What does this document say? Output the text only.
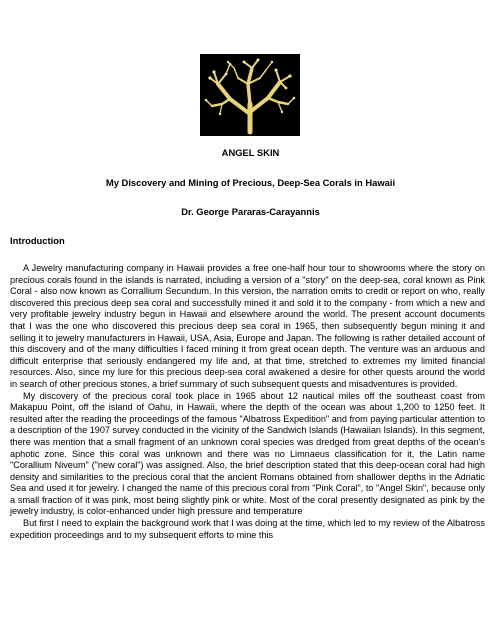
ANGEL SKIN
My Discovery and Mining of Precious, Deep-Sea Corals in Hawaii
Dr. George Pararas-Carayannis
Introduction

A Jewelry manufacturing company in Hawaii provides a free one-half hour tour to showrooms where the story on precious corals found in the islands is narrated, including a version of a "story" on the deep-sea, coral known as Pink Coral - also now known as Corrallium Secundum. In this version, the narration omits to credit or report on who, really discovered this precious deep sea coral and successfully mined it and sold it to the company - from which a new and very profitable jewelry industry begun in Hawaii and elsewhere around the world. The present account documents that I was the one who discovered this precious deep sea coral in 1965, then subsequently begun mining it and selling it to jewelry manufacturers in Hawaii, USA, Asia, Europe and Japan. The following is rather detailed account of this discovery and of the many difficulties I faced mining it from great ocean depth. The venture was an arduous and difficult enterprise that seriously endangered my life and, at that time, stretched to extremes my limited financial resources. Also, since my lure for this precious deep-sea coral awakened a desire for other quests around the world in search of other precious stones, a brief summary of such subsequent quests and misadventures is provided.

My discovery of the precious coral took place in 1965 about 12 nautical miles off the southeast coast from Makapuu Point, off the island of Oahu, in Hawaii, where the depth of the ocean was about 1,200 to 1250 feet. It resulted after the reading the proceedings of the famous "Albatross Expedition" and from paying particular attention to a description of the 1907 survey conducted in the vicinity of the Sandwich Islands (Hawaiian Islands). In this segment, there was mention that a small fragment of an unknown coral species was dredged from great depths of the ocean's aphotic zone. Since this coral was unknown and there was no Limnaeus classification for it, the Latin name "Corallium Niveum" ("new coral") was assigned. Also, the brief description stated that this deep-ocean coral had high density and similarities to the precious coral that the ancient Romans obtained from shallower depths in the Adriatic Sea and used it for jewelry. I changed the name of this precious coral from "Pink Coral", to "Angel Skin", because only a small fraction of it was pink, most being slightly pink or white. Most of the coral presently designated as pink by the jewelry industry, is color-enhanced under high pressure and temperature

But first I need to explain the background work that I was doing at the time, which led to my review of the Albatross expedition proceedings and to my subsequent efforts to mine this
